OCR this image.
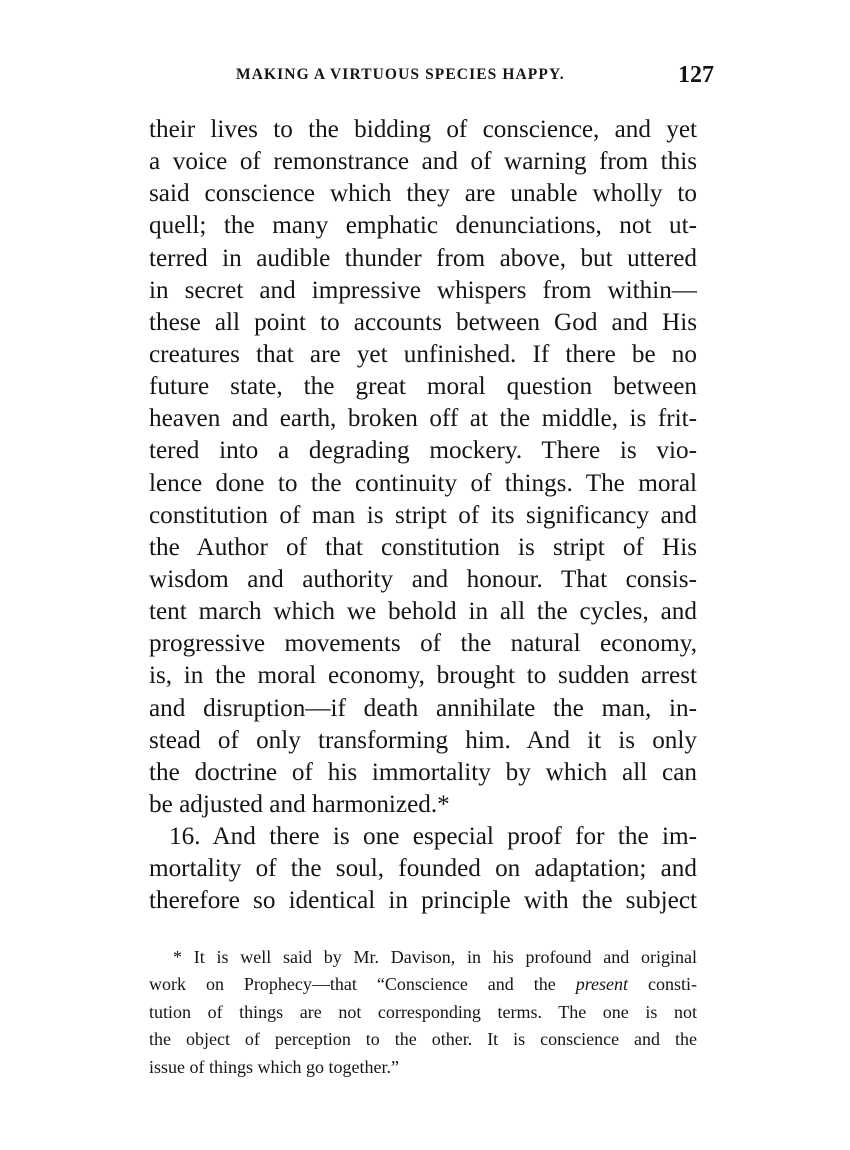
MAKING A VIRTUOUS SPECIES HAPPY.	127
their lives to the bidding of conscience, and yet
a voice of remonstrance and of warning from this
said conscience which they are unable wholly to
quell; the many emphatic denunciations, not ut-
terred in audible thunder from above, but uttered
in secret and impressive whispers from within—
these all point to accounts between God and His
creatures that are yet unfinished. If there be no
future state, the great moral question between
heaven and earth, broken off at the middle, is frit-
tered into a degrading mockery. There is vio-
lence done to the continuity of things. The moral
constitution of man is stript of its significancy and
the Author of that constitution is stript of His
wisdom and authority and honour. That consis-
tent march which we behold in all the cycles, and
progressive movements of the natural economy,
is, in the moral economy, brought to sudden arrest
and disruption—if death annihilate the man, in-
stead of only transforming him. And it is only
the doctrine of his immortality by which all can
be adjusted and harmonized.*
16. And there is one especial proof for the im-
mortality of the soul, founded on adaptation; and
therefore so identical in principle with the subject
* It is well said by Mr. Davison, in his profound and original
work on Prophecy—that “Conscience and the present consti-
tution of things are not corresponding terms. The one is not
the object of perception to the other. It is conscience and the
issue of things which go together.”
